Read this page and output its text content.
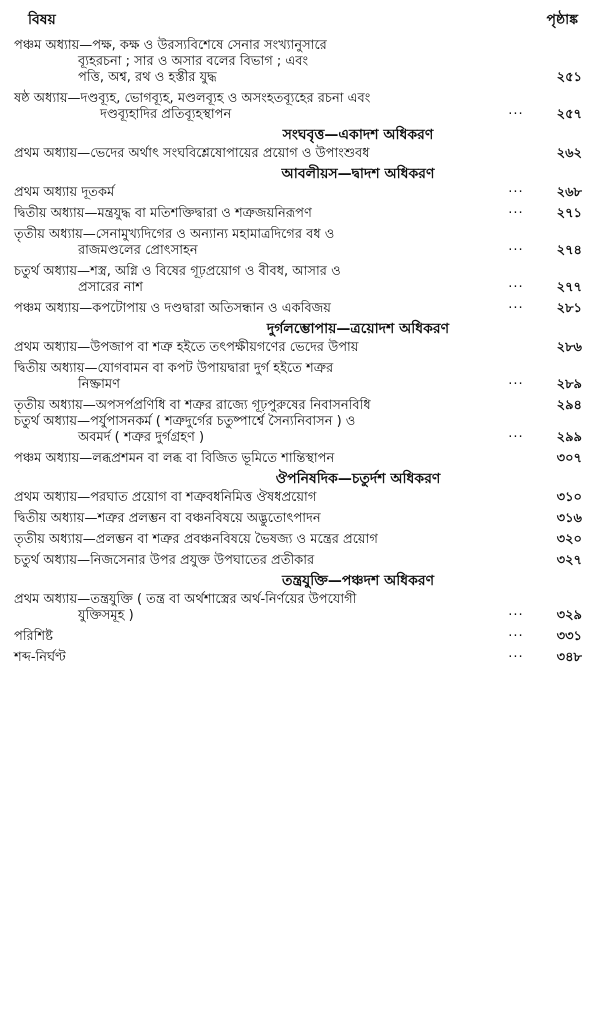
বিষয়	পৃষ্ঠাঙ্ক
পঞ্চম অধ্যায়—পক্ষ, কক্ষ ও উরস্যবিশেষে সেনার সংখ্যানুসারে
ব্যূহরচনা ; সার ও অসার বলের বিভাগ ; এবং
পত্তি, অশ্ব, রথ ও হস্তীর যুদ্ধ	২৫১
ষষ্ঠ অধ্যায়—দণ্ডব্যূহ, ভোগব্যূহ, মণ্ডলব্যূহ ও অসংহতব্যূহের রচনা এবং
দণ্ডব্যূহাদির প্রতিব্যূহস্থাপন	···	২৫৭
সংঘবৃত্ত—একাদশ অধিকরণ
প্রথম অধ্যায়—ভেদের অর্থাৎ সংঘবিশ্লেষোপায়ের প্রয়োগ ও উপাংশুবধ	২৬২
আবলীয়স—দ্বাদশ অধিকরণ
প্রথম অধ্যায় দূতকর্ম	···	২৬৮
দ্বিতীয় অধ্যায়—মন্ত্রযুদ্ধ বা মতিশক্তিদ্বারা ও শত্রুজয়নিরূপণ	···	২৭১
তৃতীয় অধ্যায়—সেনামুখ্যদিগের ও অন্যান্য মহামাত্রদিগের বধ ও
রাজমণ্ডলের প্রোৎসাহন	···	২৭৪
চতুর্থ অধ্যায়—শস্ত্র, অগ্নি ও বিষের গূঢ়প্রয়োগ ও বীবধ, আসার ও
প্রসারের নাশ	···	২৭৭
পঞ্চম অধ্যায়—কপটোপায় ও দণ্ডদ্বারা অতিসন্ধান ও একবিজয়	···	২৮১
দুর্গলম্ভোপায়—ত্রয়োদশ অধিকরণ
প্রথম অধ্যায়—উপজাপ বা শত্রু হইতে তৎপক্ষীয়গণের ভেদের উপায়	২৮৬
দ্বিতীয় অধ্যায়—যোগবামন বা কপট উপায়দ্বারা দুর্গ হইতে শত্রুর
নিষ্ক্রামণ	···	২৮৯
তৃতীয় অধ্যায়—অপসর্পপ্রণিধি বা শত্রুর রাজ্যে গূঢ়পুরুষের নিবাসনবিধি	২৯৪
চতুর্থ অধ্যায়—পর্যুপাসনকর্ম ( শত্রুদুর্গের চতুষ্পার্শ্বে সৈন্যনিবাসন ) ও
অবমর্দ ( শত্রুর দুর্গগ্রহণ )	···	২৯৯
পঞ্চম অধ্যায়—লব্ধপ্রশমন বা লব্ধ বা বিজিত ভূমিতে শান্তিস্থাপন	৩০৭
ঔপনিষদিক—চতুর্দশ অধিকরণ
প্রথম অধ্যায়—পরঘাত প্রয়োগ বা শত্রুবধনিমিত্ত ঔষধপ্রয়োগ	৩১০
দ্বিতীয় অধ্যায়—শত্রুর প্রলম্ভন বা বঞ্চনবিষয়ে অদ্ভুতোৎপাদন	৩১৬
তৃতীয় অধ্যায়—প্রলম্ভন বা শত্রুর প্রবঞ্চনবিষয়ে ভৈষজ্য ও মন্ত্রের প্রয়োগ	৩২০
চতুর্থ অধ্যায়—নিজসেনার উপর প্রযুক্ত উপঘাতের প্রতীকার	৩২৭
তন্ত্রযুক্তি—পঞ্চদশ অধিকরণ
প্রথম অধ্যায়—তন্ত্রযুক্তি ( তন্ত্র বা অর্থশাস্ত্রের অর্থ-নির্ণয়ের উপযোগী
যুক্তিসমূহ )	···	৩২৯
পরিশিষ্ট	···	৩৩১
শব্দ-নির্ঘণ্ট	···	৩৪৮
